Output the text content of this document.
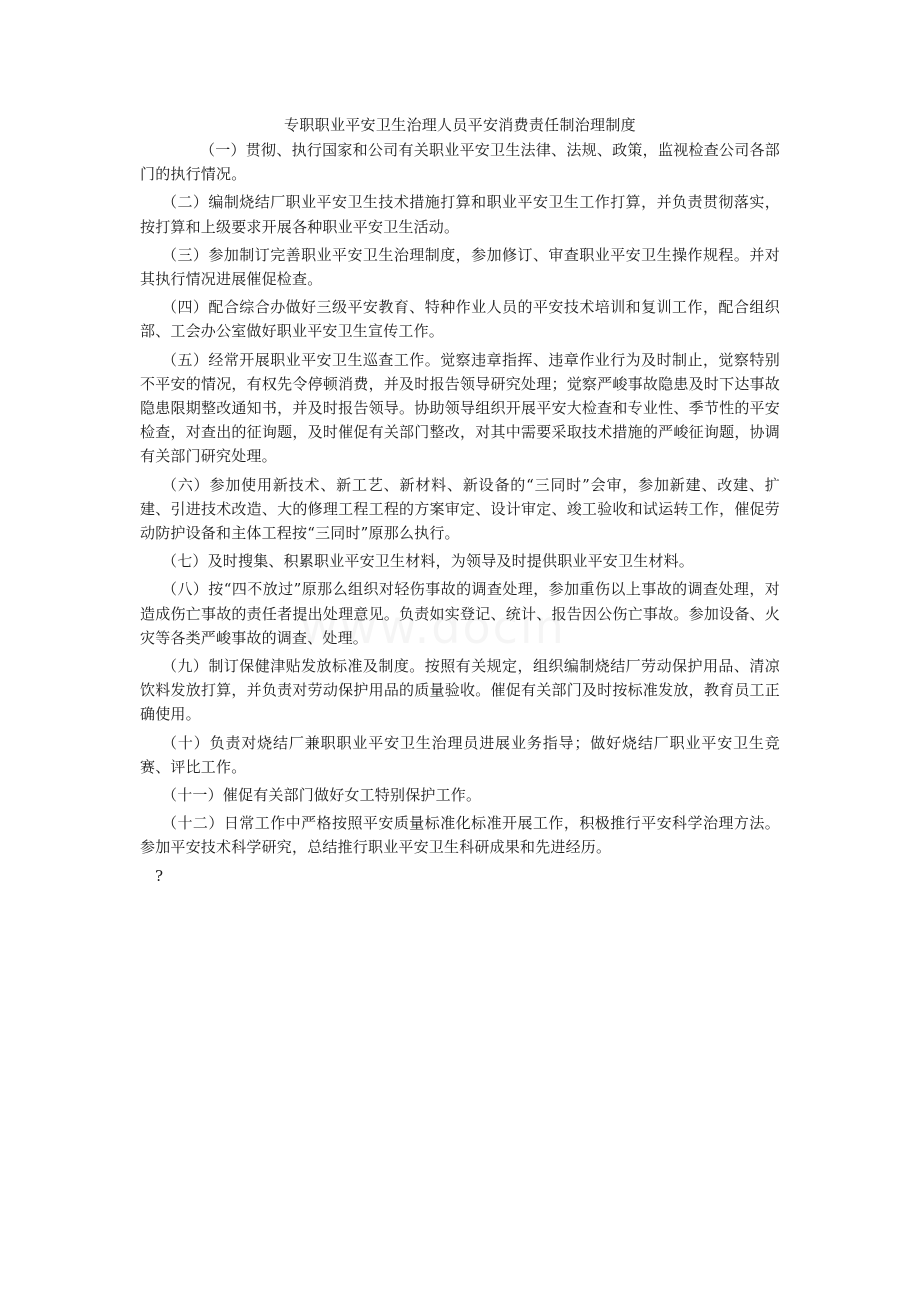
专职职业平安卫生治理人员平安消费责任制治理制度

（一）贯彻、执行国家和公司有关职业平安卫生法律、法规、政策，监视检查公司各部门的执行情况。

（二）编制烧结厂职业平安卫生技术措施打算和职业平安卫生工作打算，并负责贯彻落实，按打算和上级要求开展各种职业平安卫生活动。

（三）参加制订完善职业平安卫生治理制度，参加修订、审查职业平安卫生操作规程。并对其执行情况进展催促检查。

（四）配合综合办做好三级平安教育、特种作业人员的平安技术培训和复训工作，配合组织部、工会办公室做好职业平安卫生宣传工作。

（五）经常开展职业平安卫生巡查工作。觉察违章指挥、违章作业行为及时制止，觉察特别不平安的情况，有权先令停顿消费，并及时报告领导研究处理；觉察严峻事故隐患及时下达事故隐患限期整改通知书，并及时报告领导。协助领导组织开展平安大检查和专业性、季节性的平安检查，对查出的征询题，及时催促有关部门整改，对其中需要采取技术措施的严峻征询题，协调有关部门研究处理。

（六）参加使用新技术、新工艺、新材料、新设备的“三同时”会审，参加新建、改建、扩建、引进技术改造、大的修理工程工程的方案审定、设计审定、竣工验收和试运转工作，催促劳动防护设备和主体工程按“三同时”原那么执行。

（七）及时搜集、积累职业平安卫生材料，为领导及时提供职业平安卫生材料。

（八）按“四不放过”原那么组织对轻伤事故的调查处理，参加重伤以上事故的调查处理，对造成伤亡事故的责任者提出处理意见。负责如实登记、统计、报告因公伤亡事故。参加设备、火灾等各类严峻事故的调查、处理。

（九）制订保健津贴发放标准及制度。按照有关规定，组织编制烧结厂劳动保护用品、清凉饮料发放打算，并负责对劳动保护用品的质量验收。催促有关部门及时按标准发放，教育员工正确使用。

（十）负责对烧结厂兼职职业平安卫生治理员进展业务指导；做好烧结厂职业平安卫生竞赛、评比工作。

（十一）催促有关部门做好女工特别保护工作。

（十二）日常工作中严格按照平安质量标准化标准开展工作，积极推行平安科学治理方法。参加平安技术科学研究，总结推行职业平安卫生科研成果和先进经历。

?
